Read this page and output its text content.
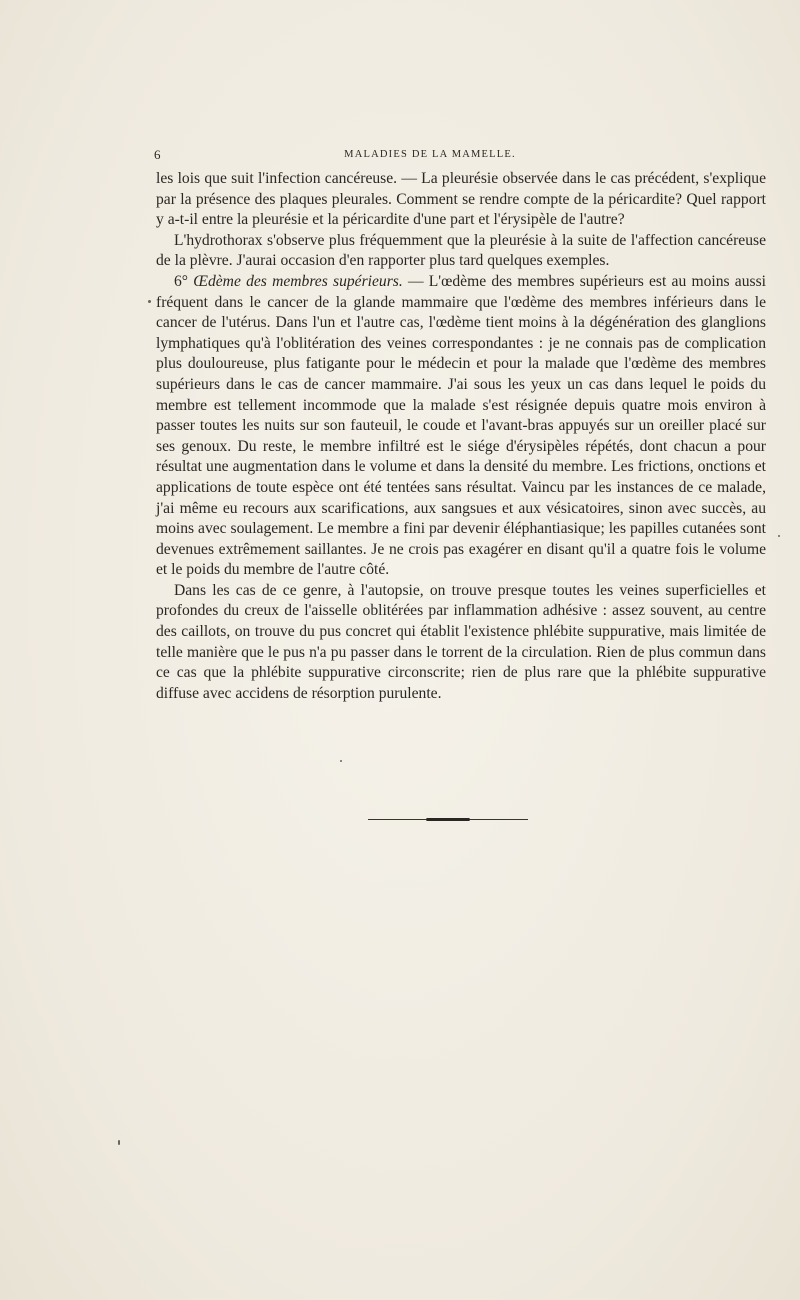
6	MALADIES DE LA MAMELLE.

les lois que suit l'infection cancéreuse. — La pleurésie observée dans le cas précédent, s'explique par la présence des plaques pleurales. Comment se rendre compte de la péricardite? Quel rapport y a-t-il entre la pleurésie et la péricardite d'une part et l'érysipèle de l'autre?

L'hydrothorax s'observe plus fréquemment que la pleurésie à la suite de l'affection cancéreuse de la plèvre. J'aurai occasion d'en rapporter plus tard quelques exemples.

6° Œdème des membres supérieurs. — L'œdème des membres supérieurs est au moins aussi fréquent dans le cancer de la glande mammaire que l'œdème des membres inférieurs dans le cancer de l'utérus. Dans l'un et l'autre cas, l'œdème tient moins à la dégénération des glanglions lymphatiques qu'à l'oblitération des veines correspondantes : je ne connais pas de complication plus douloureuse, plus fatigante pour le médecin et pour la malade que l'œdème des membres supérieurs dans le cas de cancer mammaire. J'ai sous les yeux un cas dans lequel le poids du membre est tellement incommode que la malade s'est résignée depuis quatre mois environ à passer toutes les nuits sur son fauteuil, le coude et l'avant-bras appuyés sur un oreiller placé sur ses genoux. Du reste, le membre infiltré est le siége d'érysipèles répétés, dont chacun a pour résultat une augmentation dans le volume et dans la densité du membre. Les frictions, onctions et applications de toute espèce ont été tentées sans résultat. Vaincu par les instances de ce malade, j'ai même eu recours aux scarifications, aux sangsues et aux vésicatoires, sinon avec succès, au moins avec soulagement. Le membre a fini par devenir éléphantiasique; les papilles cutanées sont devenues extrêmement saillantes. Je ne crois pas exagérer en disant qu'il a quatre fois le volume et le poids du membre de l'autre côté.

Dans les cas de ce genre, à l'autopsie, on trouve presque toutes les veines superficielles et profondes du creux de l'aisselle oblitérées par inflammation adhésive : assez souvent, au centre des caillots, on trouve du pus concret qui établit l'existence phlébite suppurative, mais limitée de telle manière que le pus n'a pu passer dans le torrent de la circulation. Rien de plus commun dans ce cas que la phlébite suppurative circonscrite; rien de plus rare que la phlébite suppurative diffuse avec accidens de résorption purulente.
